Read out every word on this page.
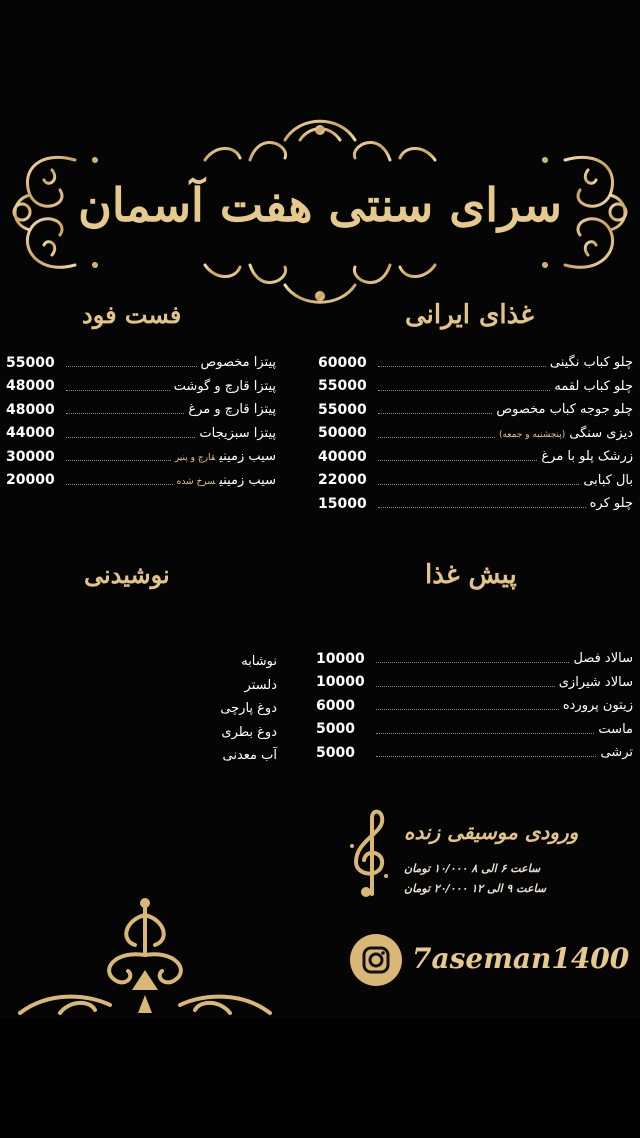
سرای سنتی هفت آسمان
غذای ایرانی
فست فود
پیش غذا
نوشیدنی
60000	چلو کباب نگینی
55000	چلو کباب لقمه
55000	چلو جوجه کباب مخصوص
50000	دیزی سنگی(پنجشنبه و جمعه)
40000	زرشک پلو با مرغ
22000	بال کبابی
15000	چلو کره
55000	پیتزا مخصوص
48000	پیتزا قارچ و گوشت
48000	پیتزا قارچ و مرغ
44000	پیتزا سبزیجات
30000	سیب زمینیقارچ و پنیر
20000	سیب زمینیسرخ شده
10000	سالاد فصل
10000	سالاد شیرازی
6000	زیتون پرورده
5000	ماست
5000	ترشی
نوشابه
دلستر
دوغ پارچی
دوغ بطری
آب معدنی
ورودی موسیقی زنده
ساعت ۶ الی ۸ ۱۰/۰۰۰ تومان
ساعت ۹ الی ۱۲ ۲۰/۰۰۰ تومان
7aseman1400
